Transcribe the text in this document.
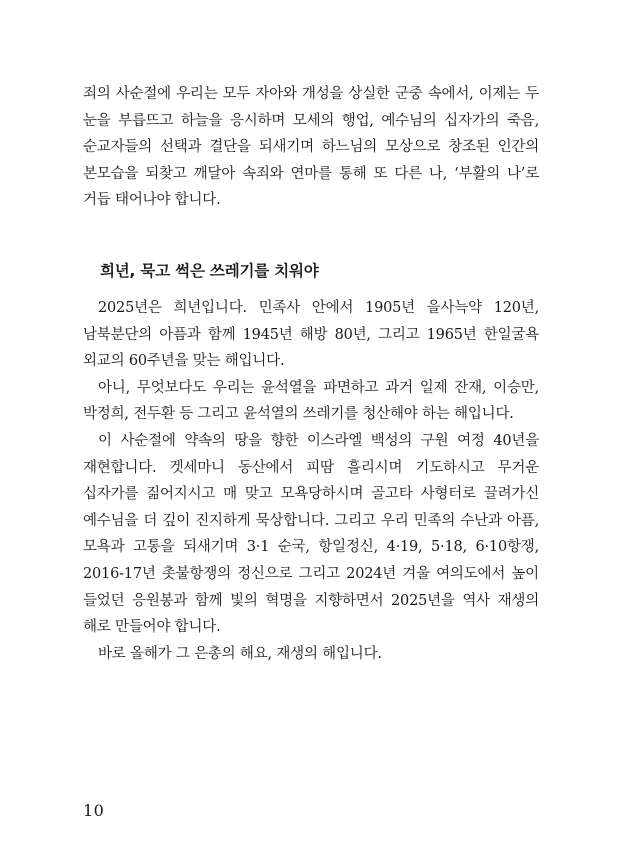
죄의 사순절에 우리는 모두 자아와 개성을 상실한 군중 속에서, 이제는 두 눈을 부릅뜨고 하늘을 응시하며 모세의 행업, 예수님의 십자가의 죽음, 순교자들의 선택과 결단을 되새기며 하느님의 모상으로 창조된 인간의 본모습을 되찾고 깨달아 속죄와 연마를 통해 또 다른 나, ‘부활의 나’로 거듭 태어나야 합니다.

희년, 묵고 썩은 쓰레기를 치워야

2025년은 희년입니다. 민족사 안에서 1905년 을사늑약 120년, 남북분단의 아픔과 함께 1945년 해방 80년, 그리고 1965년 한일굴욕 외교의 60주년을 맞는 해입니다.

아니, 무엇보다도 우리는 윤석열을 파면하고 과거 일제 잔재, 이승만, 박정희, 전두환 등 그리고 윤석열의 쓰레기를 청산해야 하는 해입니다.

이 사순절에 약속의 땅을 향한 이스라엘 백성의 구원 여정 40년을 재현합니다. 겟세마니 동산에서 피땀 흘리시며 기도하시고 무거운 십자가를 짊어지시고 매 맞고 모욕당하시며 골고타 사형터로 끌려가신 예수님을 더 깊이 진지하게 묵상합니다. 그리고 우리 민족의 수난과 아픔, 모욕과 고통을 되새기며 3·1 순국, 항일정신, 4·19, 5·18, 6·10항쟁, 2016-17년 촛불항쟁의 정신으로 그리고 2024년 겨울 여의도에서 높이 들었던 응원봉과 함께 빛의 혁명을 지향하면서 2025년을 역사 재생의 해로 만들어야 합니다.

바로 올해가 그 은총의 해요, 재생의 해입니다.

10
